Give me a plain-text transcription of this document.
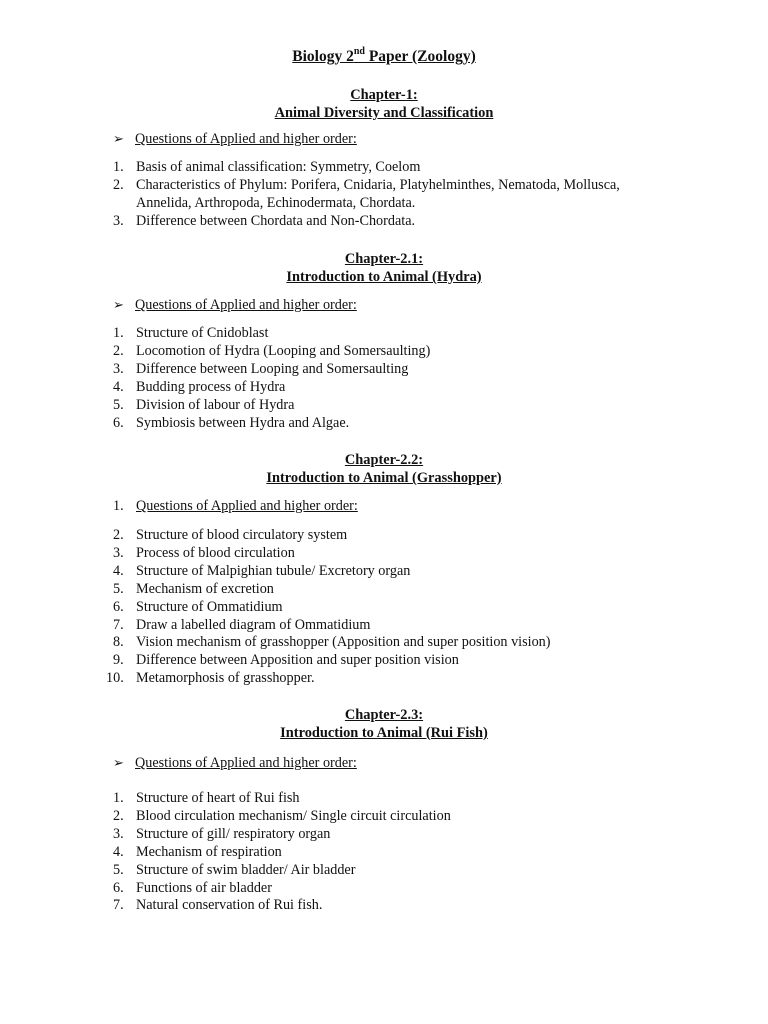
Biology 2nd Paper (Zoology)
Chapter-1:
Animal Diversity and Classification
➢ Questions of Applied and higher order:
1. Basis of animal classification: Symmetry, Coelom
2. Characteristics of Phylum: Porifera, Cnidaria, Platyhelminthes, Nematoda, Mollusca,
Annelida, Arthropoda, Echinodermata, Chordata.
3. Difference between Chordata and Non-Chordata.
Chapter-2.1:
Introduction to Animal (Hydra)
➢ Questions of Applied and higher order:
1. Structure of Cnidoblast
2. Locomotion of Hydra (Looping and Somersaulting)
3. Difference between Looping and Somersaulting
4. Budding process of Hydra
5. Division of labour of Hydra
6. Symbiosis between Hydra and Algae.
Chapter-2.2:
Introduction to Animal (Grasshopper)
1. Questions of Applied and higher order:
2. Structure of blood circulatory system
3. Process of blood circulation
4. Structure of Malpighian tubule/ Excretory organ
5. Mechanism of excretion
6. Structure of Ommatidium
7. Draw a labelled diagram of Ommatidium
8. Vision mechanism of grasshopper (Apposition and super position vision)
9. Difference between Apposition and super position vision
10. Metamorphosis of grasshopper.
Chapter-2.3:
Introduction to Animal (Rui Fish)
➢ Questions of Applied and higher order:
1. Structure of heart of Rui fish
2. Blood circulation mechanism/ Single circuit circulation
3. Structure of gill/ respiratory organ
4. Mechanism of respiration
5. Structure of swim bladder/ Air bladder
6. Functions of air bladder
7. Natural conservation of Rui fish.
